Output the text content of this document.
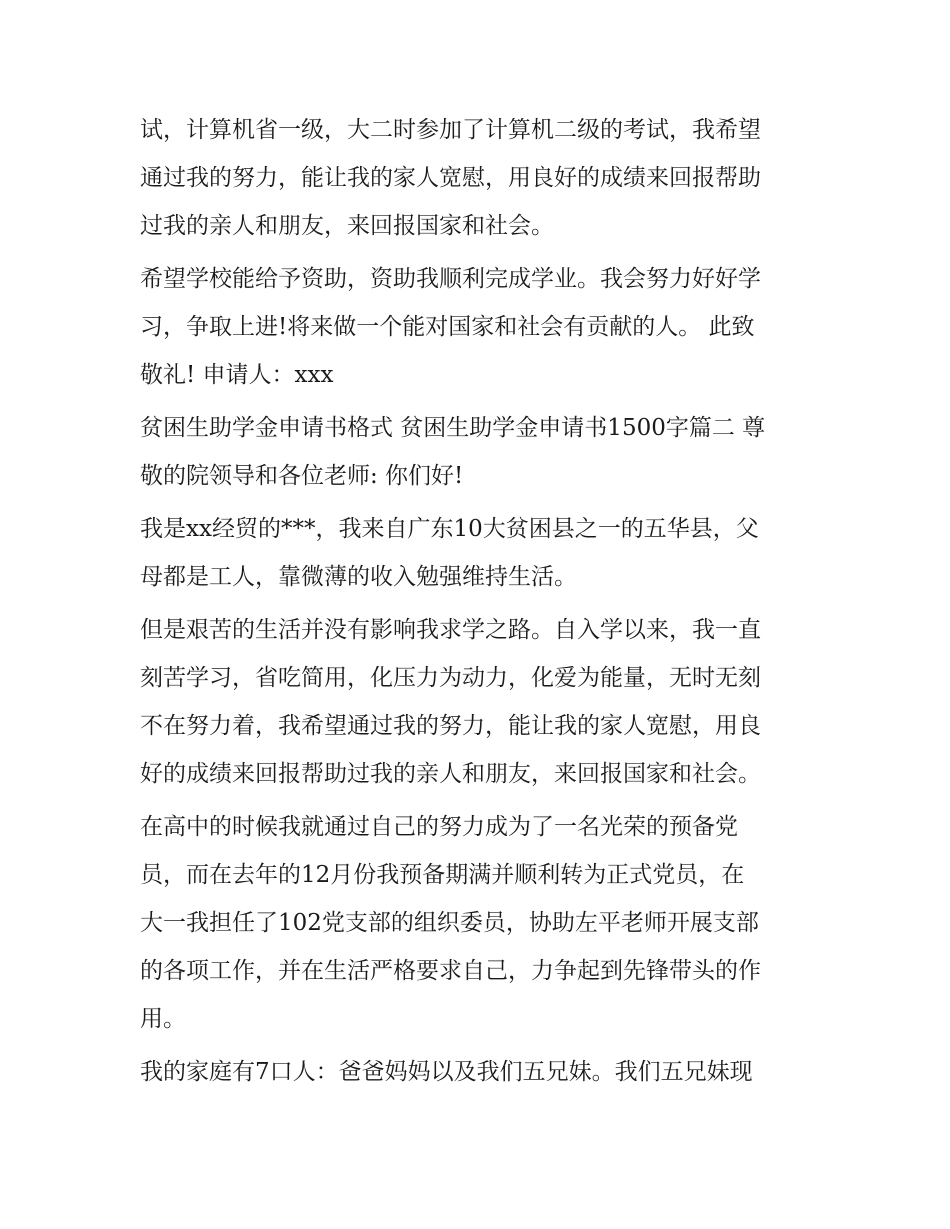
试，计算机省一级，大二时参加了计算机二级的考试，我希望
通过我的努力，能让我的家人宽慰，用良好的成绩来回报帮助
过我的亲人和朋友，来回报国家和社会。

希望学校能给予资助，资助我顺利完成学业。我会努力好好学
习，争取上进!将来做一个能对国家和社会有贡献的人。 此致
敬礼! 申请人：xxx

贫困生助学金申请书格式 贫困生助学金申请书1500字篇二 尊
敬的院领导和各位老师: 你们好!

我是xx经贸的***，我来自广东10大贫困县之一的五华县，父
母都是工人，靠微薄的收入勉强维持生活。

但是艰苦的生活并没有影响我求学之路。自入学以来，我一直
刻苦学习，省吃简用，化压力为动力，化爱为能量，无时无刻
不在努力着，我希望通过我的努力，能让我的家人宽慰，用良
好的成绩来回报帮助过我的亲人和朋友，来回报国家和社会。

在高中的时候我就通过自己的努力成为了一名光荣的预备党
员，而在去年的12月份我预备期满并顺利转为正式党员，在
大一我担任了102党支部的组织委员，协助左平老师开展支部
的各项工作，并在生活严格要求自己，力争起到先锋带头的作
用。

我的家庭有7口人：爸爸妈妈以及我们五兄妹。我们五兄妹现
